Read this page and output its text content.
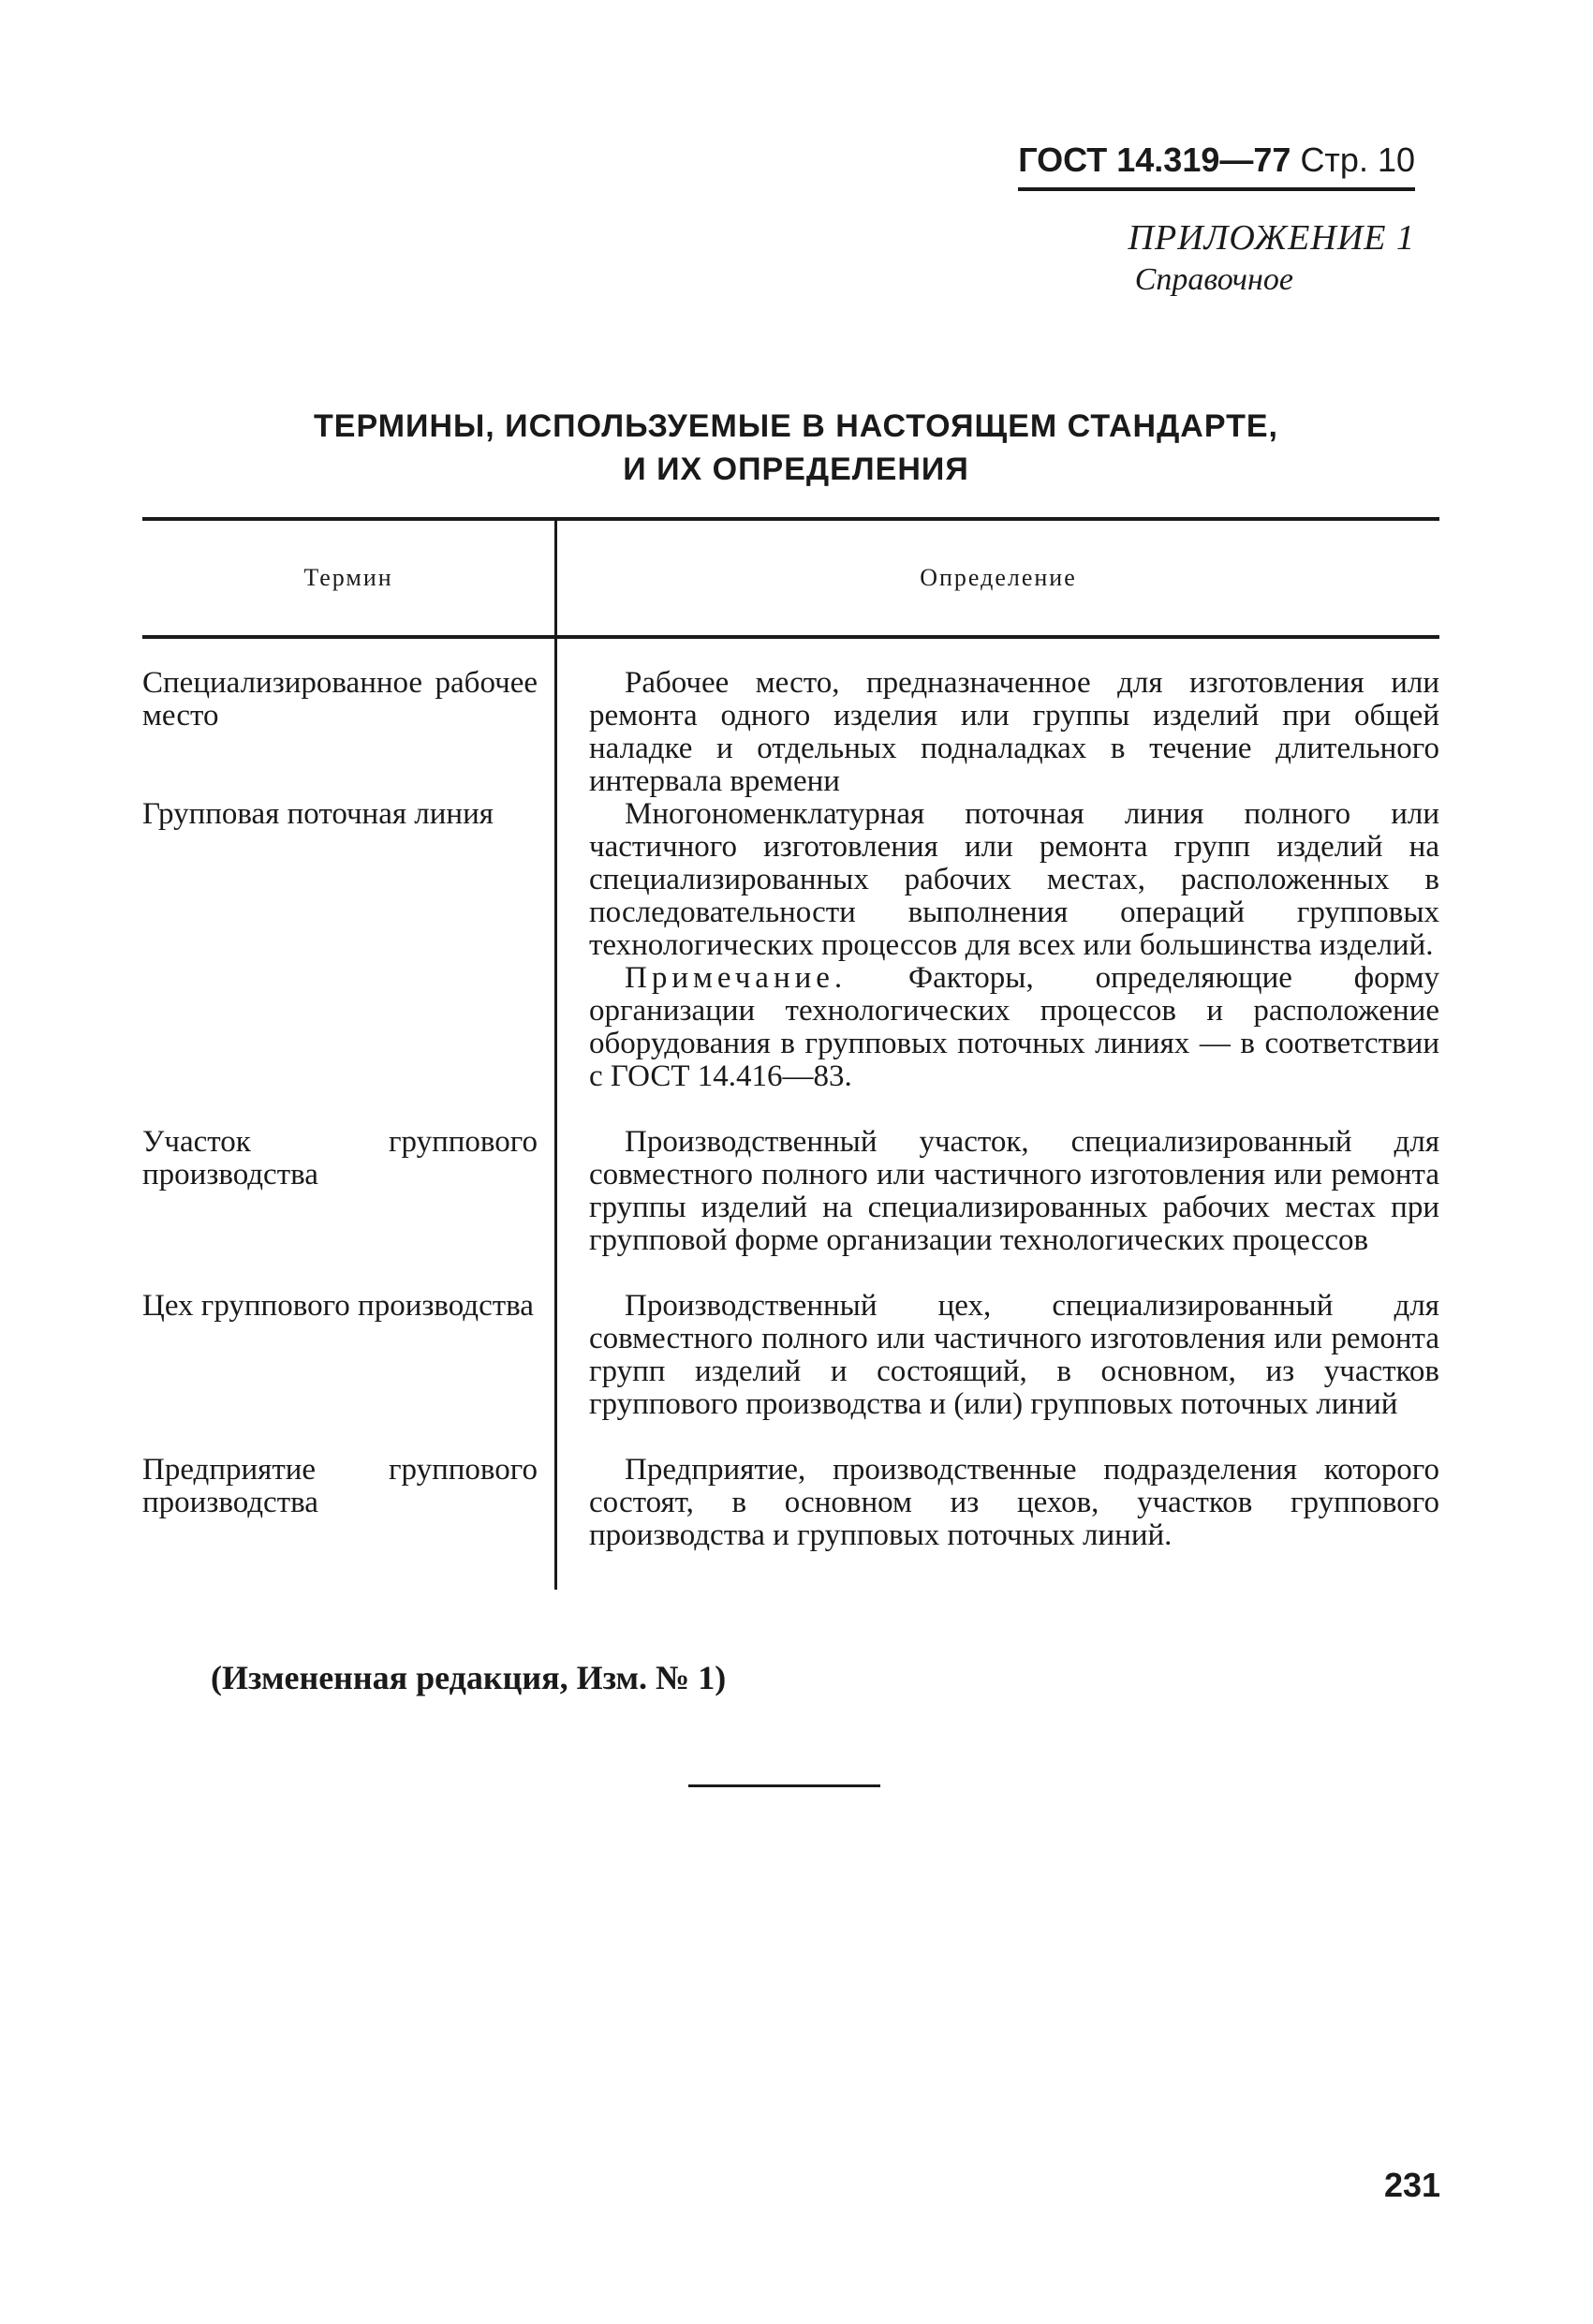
ГОСТ 14.319—77 Стр. 10
ПРИЛОЖЕНИЕ 1
Справочное
ТЕРМИНЫ, ИСПОЛЬЗУЕМЫЕ В НАСТОЯЩЕМ СТАНДАРТЕ,
И ИХ ОПРЕДЕЛЕНИЯ
Термин	Определение
Специализированное рабочее место
Групповая поточная линия
Участок группового производства
Цех группового производства
Предприятие группового производства
Рабочее место, предназначенное для изготовления или ремонта одного изделия или группы изделий при общей наладке и отдельных подналадках в течение длительного интервала времени
Многономенклатурная поточная линия полного или частичного изготовления или ремонта групп изделий на специализированных рабочих местах, расположенных в последовательности выполнения операций групповых технологических процессов для всех или большинства изделий.
Примечание. Факторы, определяющие форму организации технологических процессов и расположение оборудования в групповых поточных линиях — в соответствии с ГОСТ 14.416—83.
Производственный участок, специализированный для совместного полного или частичного изготовления или ремонта группы изделий на специализированных рабочих местах при групповой форме организации технологических процессов
Производственный цех, специализированный для совместного полного или частичного изготовления или ремонта групп изделий и состоящий, в основном, из участков группового производства и (или) групповых поточных линий
Предприятие, производственные подразделения которого состоят, в основном из цехов, участков группового производства и групповых поточных линий.
(Измененная редакция, Изм. № 1)
231
